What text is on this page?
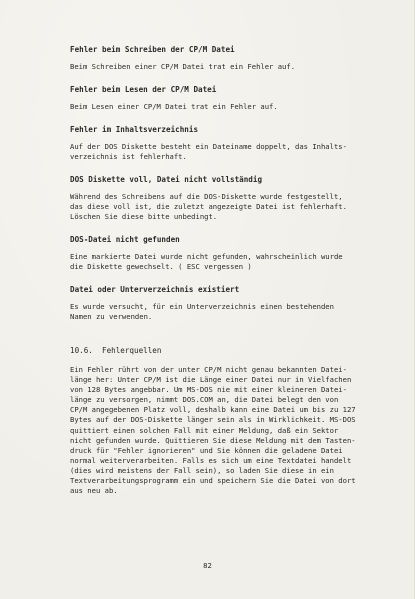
Fehler beim Schreiben der CP/M Datei
Beim Schreiben einer CP/M Datei trat ein Fehler auf.
Fehler beim Lesen der CP/M Datei
Beim Lesen einer CP/M Datei trat ein Fehler auf.
Fehler im Inhaltsverzeichnis
Auf der DOS Diskette besteht ein Dateiname doppelt, das Inhalts-
verzeichnis ist fehlerhaft.
DOS Diskette voll, Datei nicht vollständig
Während des Schreibens auf die DOS-Diskette wurde festgestellt,
das diese voll ist, die zuletzt angezeigte Datei ist fehlerhaft.
Löschen Sie diese bitte unbedingt.
DOS-Datei nicht gefunden
Eine markierte Datei wurde nicht gefunden, wahrscheinlich wurde
die Diskette gewechselt. ( ESC vergessen )
Datei oder Unterverzeichnis existiert
Es wurde versucht, für ein Unterverzeichnis einen bestehenden
Namen zu verwenden.
10.6.  Fehlerquellen
Ein Fehler rührt von der unter CP/M nicht genau bekannten Datei-
länge her: Unter CP/M ist die Länge einer Datei nur in Vielfachen
von 128 Bytes angebbar. Um MS-DOS nie mit einer kleineren Datei-
länge zu versorgen, nimmt DOS.COM an, die Datei belegt den von
CP/M angegebenen Platz voll, deshalb kann eine Datei um bis zu 127
Bytes auf der DOS-Diskette länger sein als in Wirklichkeit. MS-DOS
quittiert einen solchen Fall mit einer Meldung, daß ein Sektor
nicht gefunden wurde. Quittieren Sie diese Meldung mit dem Tasten-
druck für "Fehler ignorieren" und Sie können die geladene Datei
normal weiterverarbeiten. Falls es sich um eine Textdatei handelt
(dies wird meistens der Fall sein), so laden Sie diese in ein
Textverarbeitungsprogramm ein und speichern Sie die Datei von dort
aus neu ab.
82
